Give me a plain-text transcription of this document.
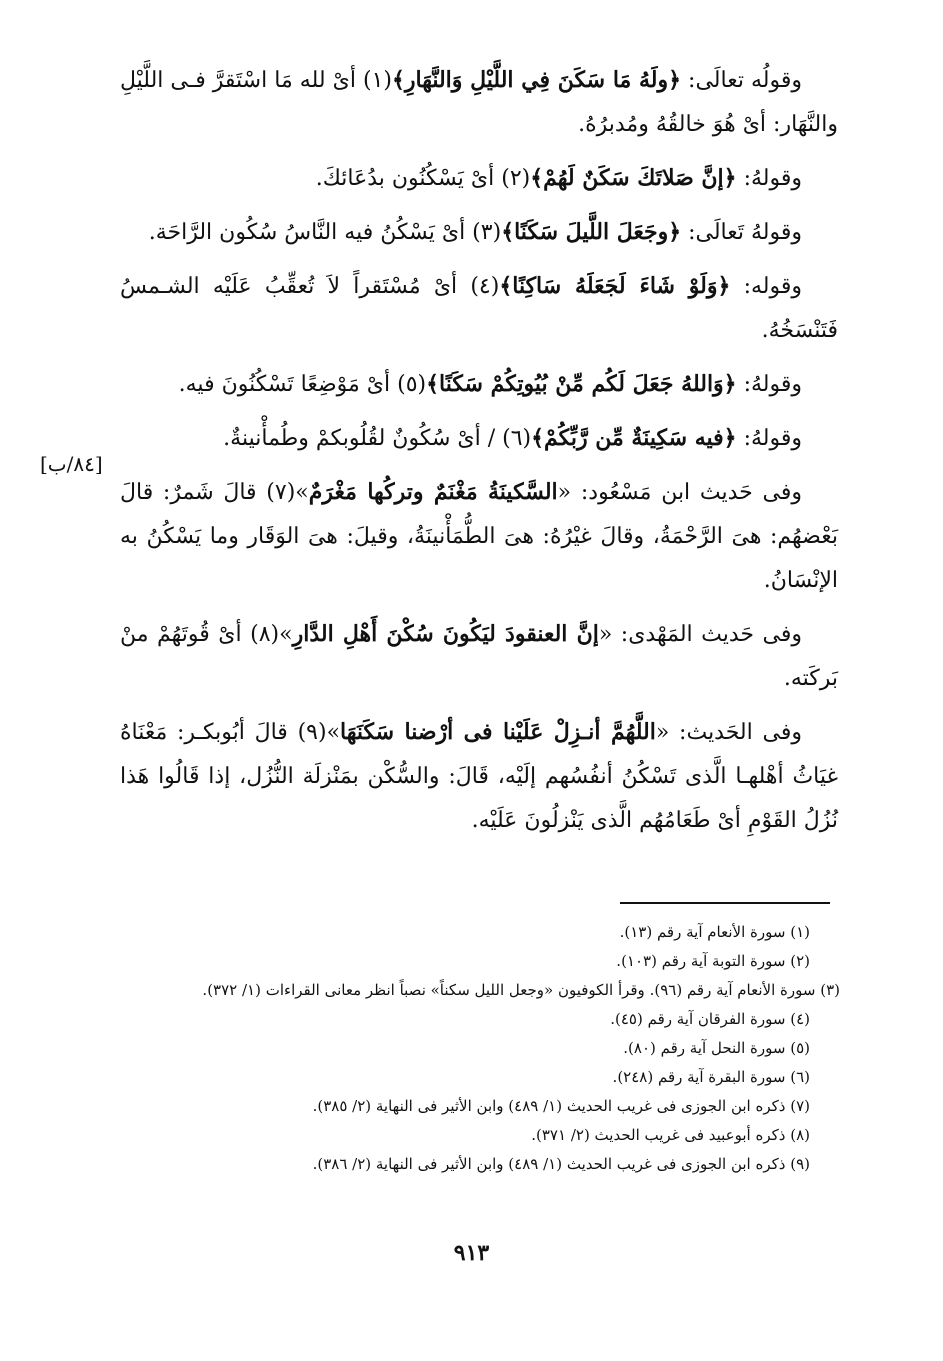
وقولُه تعالَى: ﴿ولَهُ مَا سَكَنَ فِي اللَّيْلِ وَالنَّهَارِ﴾(١) أىْ لله مَا اسْتَقرَّ فـى اللَّيْلِ والنَّهَار: أىْ هُوَ خالقُهُ ومُدبرُهُ.

وقولهُ: ﴿إنَّ صَلاتَكَ سَكَنٌ لَهُمْ﴾(٢) أىْ يَسْكُنُون بدُعَائكَ.

وقولهُ تَعالَى: ﴿وجَعَلَ اللَّيلَ سَكَنًا﴾(٣) أىْ يَسْكُنُ فيه النَّاسُ سُكُون الرَّاحَة.

وقوله: ﴿وَلَوْ شَاءَ لَجَعَلَهُ سَاكِنًا﴾(٤) أىْ مُسْتَقراً لاَ تُعقِّبُ عَلَيْه الشـمسُ فَتَنْسَخُهُ.

وقولهُ: ﴿وَاللهُ جَعَلَ لَكُم مِّنْ بُيُوتِكُمْ سَكَنًا﴾(٥) أىْ مَوْضِعًا تَسْكُنُونَ فيه.

وقولهُ: ﴿فيه سَكِينَةٌ مِّن رَّبِّكُمْ﴾(٦) / أىْ سُكُونٌ لقُلُوبكمْ وطُمأْنينةٌ.

وفى حَديث ابن مَسْعُود: «السَّكينَةُ مَغْنَمٌ وتركُها مَغْرَمٌ»(٧) قالَ شَمرٌ: قالَ بَعْضهُم: هىَ الرَّحْمَةُ، وقالَ غيْرُهُ: هىَ الطُّمَأْنينَةُ، وقيلَ: هىَ الوَقَار وما يَسْكُنُ به الإنْسَانُ.

وفى حَديث المَهْدى: «إنَّ العنقودَ ليَكُونَ سُكْنَ أَهْلِ الدَّارِ»(٨) أىْ قُوتَهُمْ منْ بَركَته.

وفى الحَديث: «اللَّهُمَّ أنـزِلْ عَلَيْنا فى أرْضنا سَكَنَهَا»(٩) قالَ أبُوبكـر: مَعْنَاهُ غيَاثُ أهْلهـا الَّذى تَسْكُنُ أنفُسُهم إلَيْه، قَالَ: والسُّكْن بمَنْزلَة النُّزُل، إذا قَالُوا هَذا نُزُلُ القَوْمِ أىْ طَعَامُهُم الَّذى يَنْزلُونَ عَلَيْه.

[٨٤/ب]

(١) سورة الأنعام آية رقم (١٣).

(٢) سورة التوبة آية رقم (١٠٣).

(٣) سورة الأنعام آية رقم (٩٦). وقرأ الكوفيون «وجعل الليل سكناً» نصباً انظر معانى القراءات (١/ ٣٧٢).

(٤) سورة الفرقان آية رقم (٤٥).

(٥) سورة النحل آية رقم (٨٠).

(٦) سورة البقرة آية رقم (٢٤٨).

(٧) ذكره ابن الجوزى فى غريب الحديث (١/ ٤٨٩) وابن الأثير فى النهاية (٢/ ٣٨٥).

(٨) ذكره أبوعبيد فى غريب الحديث (٢/ ٣٧١).

(٩) ذكره ابن الجوزى فى غريب الحديث (١/ ٤٨٩) وابن الأثير فى النهاية (٢/ ٣٨٦).

٩١٣
